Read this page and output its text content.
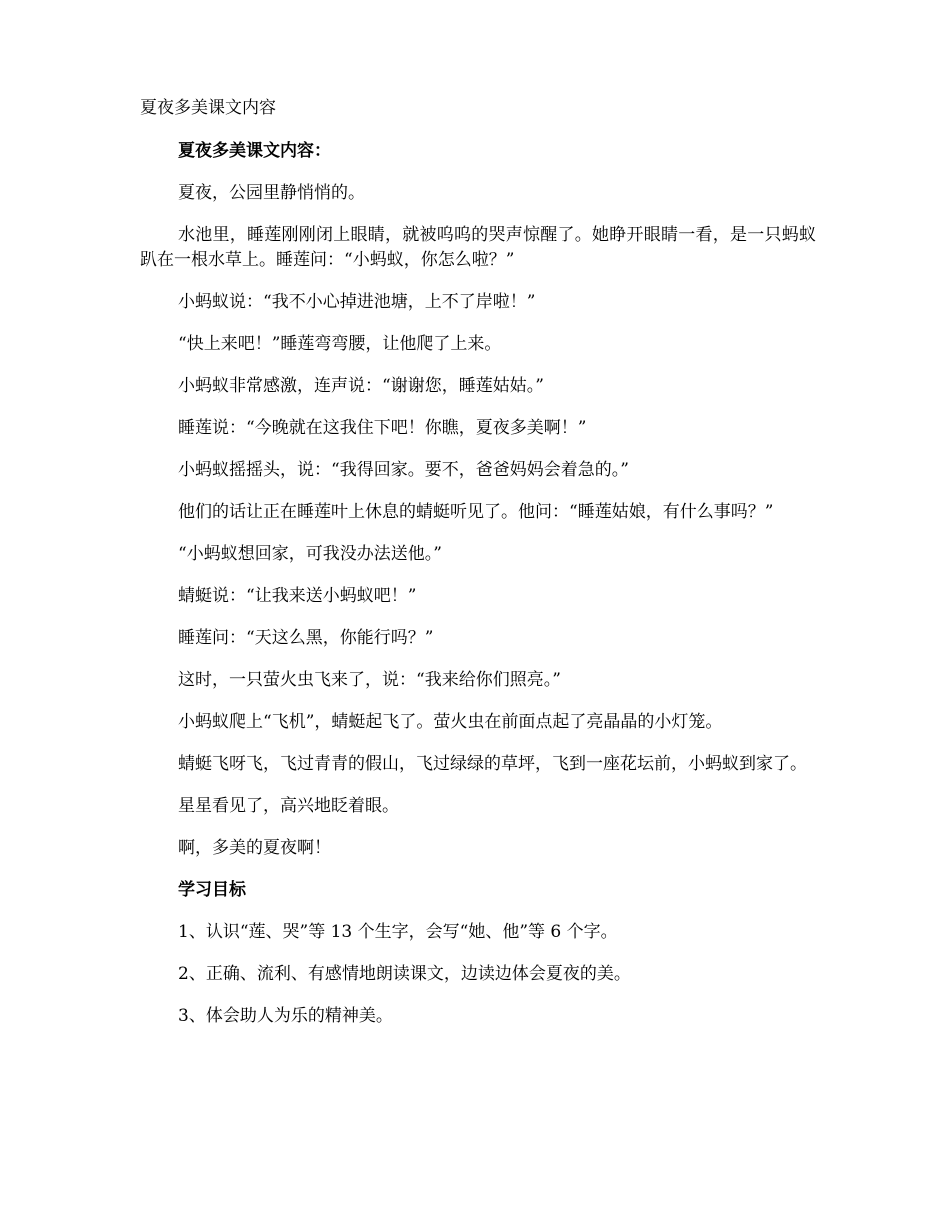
夏夜多美课文内容

夏夜多美课文内容：

夏夜，公园里静悄悄的。

水池里，睡莲刚刚闭上眼睛，就被呜呜的哭声惊醒了。她睁开眼睛一看，是一只蚂蚁趴在一根水草上。睡莲问：“小蚂蚁，你怎么啦？”

小蚂蚁说：“我不小心掉进池塘，上不了岸啦！”

“快上来吧！”睡莲弯弯腰，让他爬了上来。

小蚂蚁非常感激，连声说：“谢谢您，睡莲姑姑。”

睡莲说：“今晚就在这我住下吧！你瞧，夏夜多美啊！”

小蚂蚁摇摇头，说：“我得回家。要不，爸爸妈妈会着急的。”

他们的话让正在睡莲叶上休息的蜻蜓听见了。他问：“睡莲姑娘，有什么事吗？”

“小蚂蚁想回家，可我没办法送他。”

蜻蜓说：“让我来送小蚂蚁吧！”

睡莲问：“天这么黑，你能行吗？”

这时，一只萤火虫飞来了，说：“我来给你们照亮。”

小蚂蚁爬上“飞机”，蜻蜓起飞了。萤火虫在前面点起了亮晶晶的小灯笼。

蜻蜓飞呀飞，飞过青青的假山，飞过绿绿的草坪，飞到一座花坛前，小蚂蚁到家了。

星星看见了，高兴地眨着眼。

啊，多美的夏夜啊！

学习目标

1、认识“莲、哭”等 13 个生字，会写“她、他”等 6 个字。

2、正确、流利、有感情地朗读课文，边读边体会夏夜的美。

3、体会助人为乐的精神美。
